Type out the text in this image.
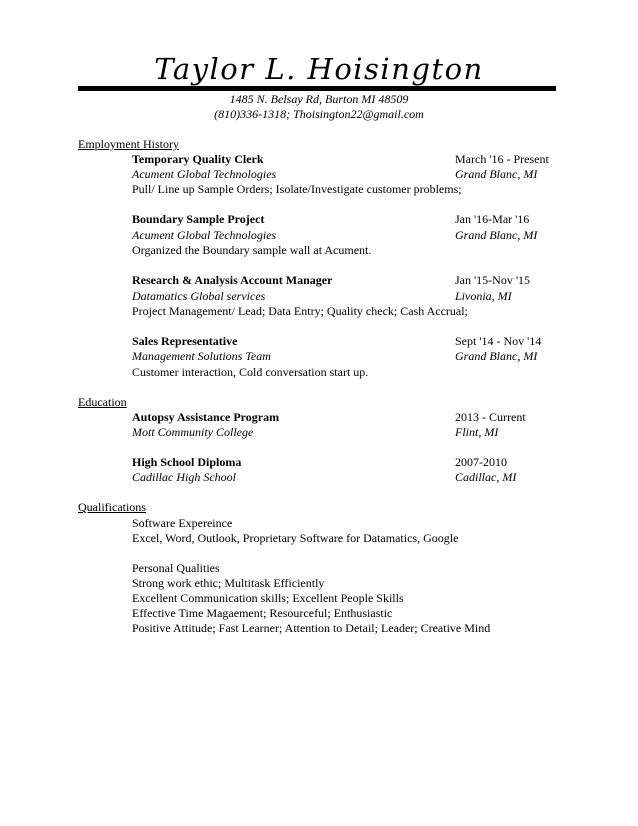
Taylor L. Hoisington
1485 N. Belsay Rd, Burton MI 48509
(810)336-1318; Thoisington22@gmail.com
Employment History
Temporary Quality Clerk	March '16 - Present
Acument Global Technologies	Grand Blanc, MI
Pull/ Line up Sample Orders; Isolate/Investigate customer problems;
Boundary Sample Project	Jan '16-Mar '16
Acument Global Technologies	Grand Blanc, MI
Organized the Boundary sample wall at Acument.
Research & Analysis Account Manager	Jan '15-Nov '15
Datamatics Global services	Livonia, MI
Project Management/ Lead; Data Entry; Quality check; Cash Accrual;
Sales Representative	Sept '14 - Nov '14
Management Solutions Team	Grand Blanc, MI
Customer interaction, Cold conversation start up.
Education
Autopsy Assistance Program	2013 - Current
Mott Community College	Flint, MI
High School Diploma	2007-2010
Cadillac High School	Cadillac, MI
Qualifications
Software Expereince
Excel, Word, Outlook, Proprietary Software for Datamatics, Google
Personal Qualities
Strong work ethic; Multitask Efficiently
Excellent Communication skills; Excellent People Skills
Effective Time Magaement; Resourceful; Enthusiastic
Positive Attitude; Fast Learner; Attention to Detail; Leader; Creative Mind
